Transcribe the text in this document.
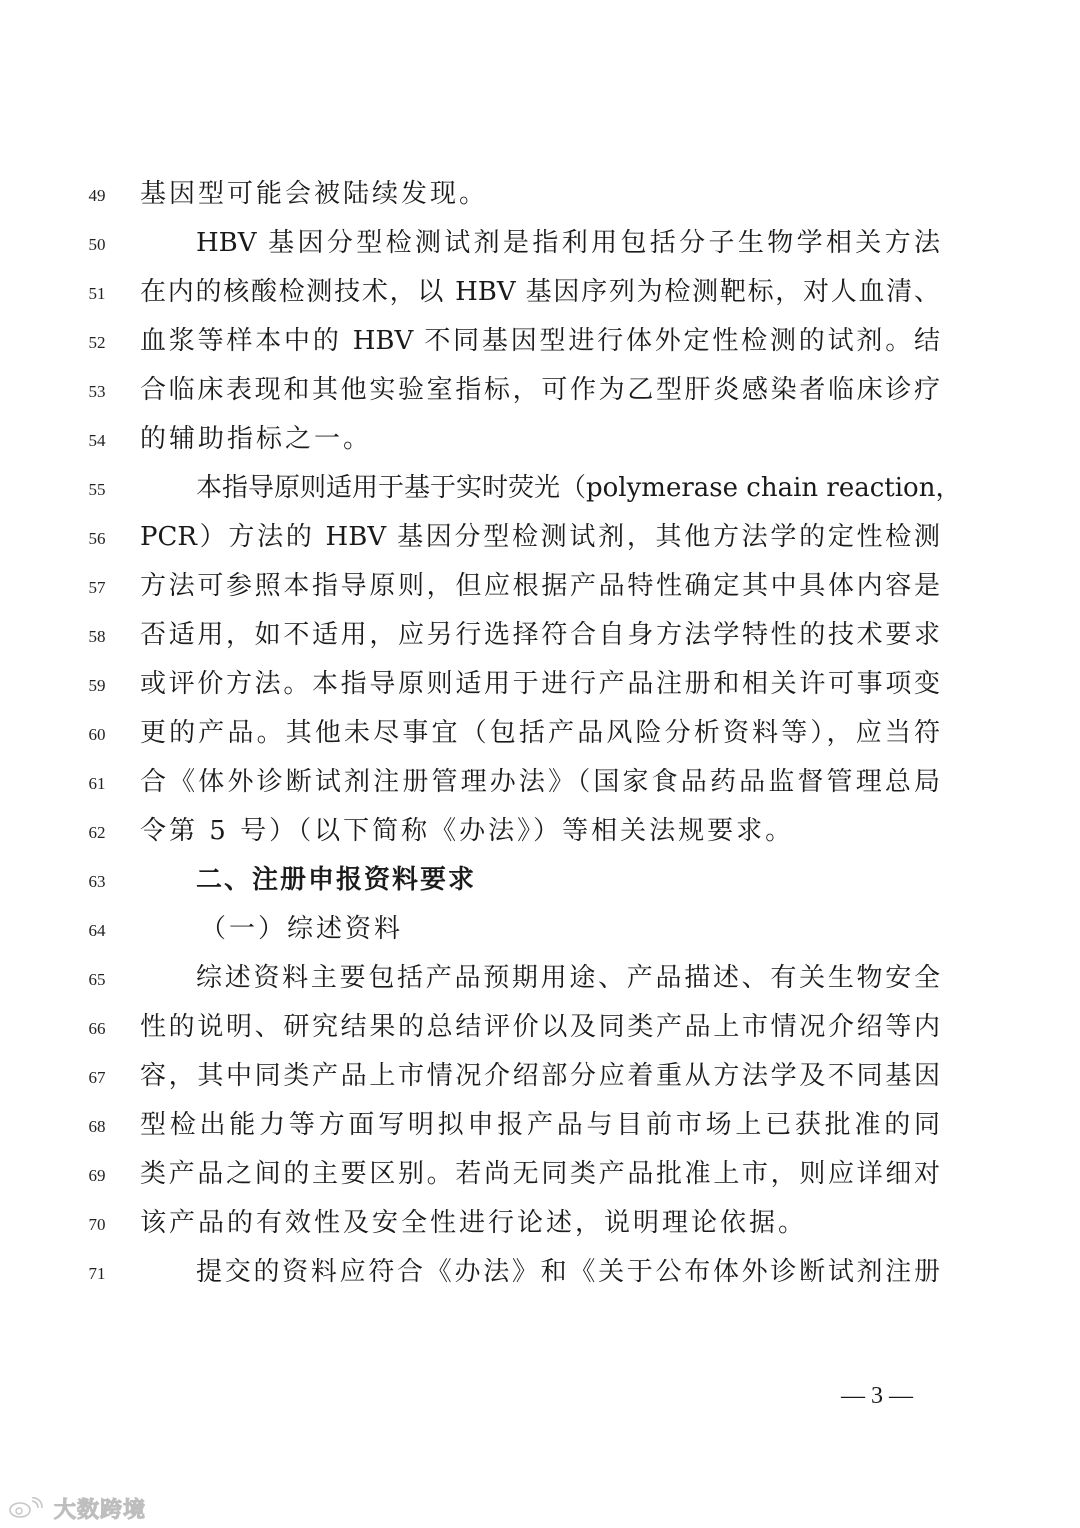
49	基因型可能会被陆续发现。
50	HBV 基因分型检测试剂是指利用包括分子生物学相关方法
51	在内的核酸检测技术，以 HBV 基因序列为检测靶标，对人血清、
52	血浆等样本中的 HBV 不同基因型进行体外定性检测的试剂。结
53	合临床表现和其他实验室指标，可作为乙型肝炎感染者临床诊疗
54	的辅助指标之一。
55	本指导原则适用于基于实时荧光（polymerase chain reaction，
56	PCR）方法的 HBV 基因分型检测试剂，其他方法学的定性检测
57	方法可参照本指导原则，但应根据产品特性确定其中具体内容是
58	否适用，如不适用，应另行选择符合自身方法学特性的技术要求
59	或评价方法。本指导原则适用于进行产品注册和相关许可事项变
60	更的产品。其他未尽事宜（包括产品风险分析资料等），应当符
61	合《体外诊断试剂注册管理办法》（国家食品药品监督管理总局
62	令第 5 号）（以下简称《办法》）等相关法规要求。
63	二、注册申报资料要求
64	（一）综述资料
65	综述资料主要包括产品预期用途、产品描述、有关生物安全
66	性的说明、研究结果的总结评价以及同类产品上市情况介绍等内
67	容，其中同类产品上市情况介绍部分应着重从方法学及不同基因
68	型检出能力等方面写明拟申报产品与目前市场上已获批准的同
69	类产品之间的主要区别。若尚无同类产品批准上市，则应详细对
70	该产品的有效性及安全性进行论述，说明理论依据。
71	提交的资料应符合《办法》和《关于公布体外诊断试剂注册
— 3 —
大数跨境
